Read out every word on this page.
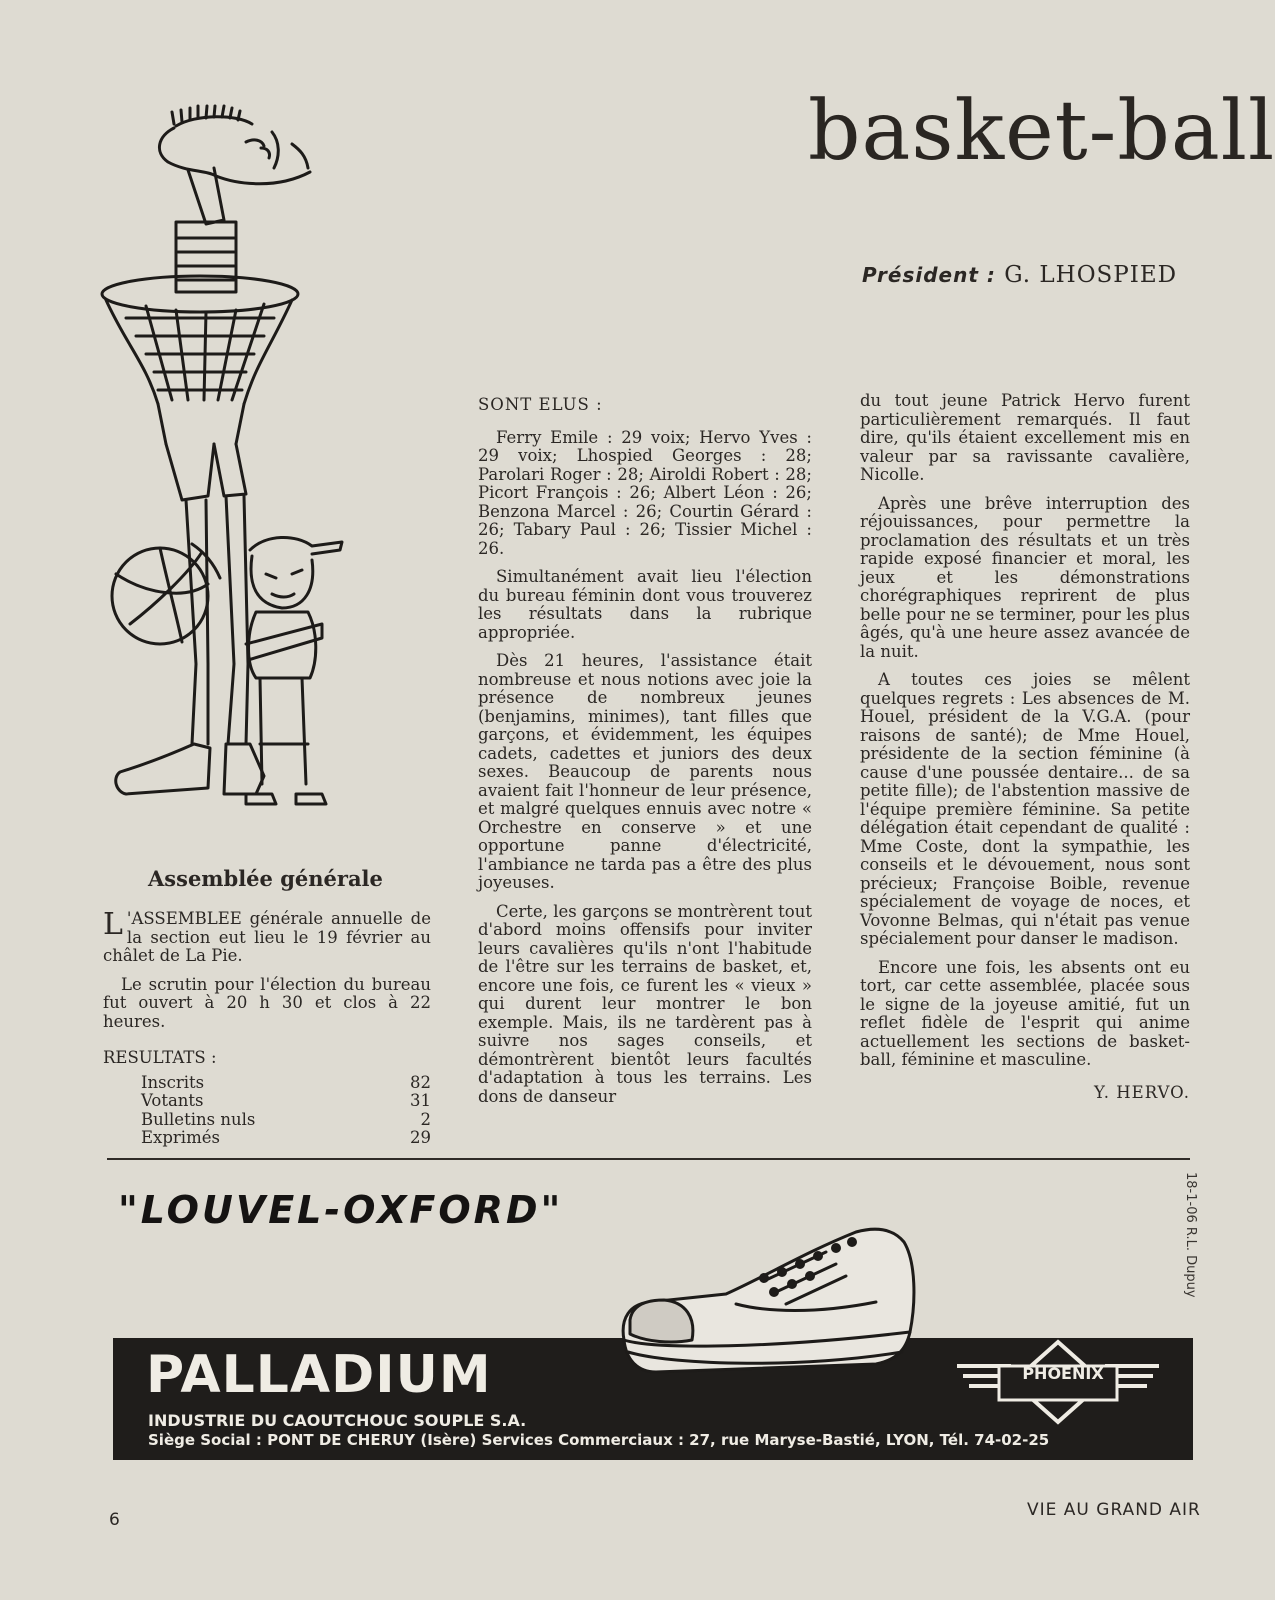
basket-ball
Président : G. LHOSPIED
Assemblée générale

L 'ASSEMBLEE générale annuelle de la section eut lieu le 19 février au châlet de La Pie.

Le scrutin pour l'élection du bureau fut ouvert à 20 h 30 et clos à 22 heures.

RESULTATS :
Inscrits	82
Votants	31
Bulletins nuls	2
Exprimés	29

SONT ELUS :

Ferry Emile : 29 voix; Hervo Yves : 29 voix; Lhospied Georges : 28; Parolari Roger : 28; Airoldi Robert : 28; Picort François : 26; Albert Léon : 26; Benzona Marcel : 26; Courtin Gérard : 26; Tabary Paul : 26; Tissier Michel : 26.

Simultanément avait lieu l'élection du bureau féminin dont vous trouverez les résultats dans la rubrique appropriée.

Dès 21 heures, l'assistance était nombreuse et nous notions avec joie la présence de nombreux jeunes (benjamins, minimes), tant filles que garçons, et évidemment, les équipes cadets, cadettes et juniors des deux sexes. Beaucoup de parents nous avaient fait l'honneur de leur présence, et malgré quelques ennuis avec notre « Orchestre en conserve » et une opportune panne d'électricité, l'ambiance ne tarda pas a être des plus joyeuses.

Certe, les garçons se montrèrent tout d'abord moins offensifs pour inviter leurs cavalières qu'ils n'ont l'habitude de l'être sur les terrains de basket, et, encore une fois, ce furent les « vieux » qui durent leur montrer le bon exemple. Mais, ils ne tardèrent pas à suivre nos sages conseils, et démontrèrent bientôt leurs facultés d'adaptation à tous les terrains. Les dons de danseur

du tout jeune Patrick Hervo furent particulièrement remarqués. Il faut dire, qu'ils étaient excellement mis en valeur par sa ravissante cavalière, Nicolle.

Après une brêve interruption des réjouissances, pour permettre la proclamation des résultats et un très rapide exposé financier et moral, les jeux et les démonstrations chorégraphiques reprirent de plus belle pour ne se terminer, pour les plus âgés, qu'à une heure assez avancée de la nuit.

A toutes ces joies se mêlent quelques regrets : Les absences de M. Houel, président de la V.G.A. (pour raisons de santé); de Mme Houel, présidente de la section féminine (à cause d'une poussée dentaire... de sa petite fille); de l'abstention massive de l'équipe première féminine. Sa petite délégation était cependant de qualité : Mme Coste, dont la sympathie, les conseils et le dévouement, nous sont précieux; Françoise Boible, revenue spécialement de voyage de noces, et Vovonne Belmas, qui n'était pas venue spécialement pour danser le madison.

Encore une fois, les absents ont eu tort, car cette assemblée, placée sous le signe de la joyeuse amitié, fut un reflet fidèle de l'esprit qui anime actuellement les sections de basket-ball, féminine et masculine.

Y. HERVO.
"LOUVEL-OXFORD"	18-1-06 R.L. Dupuy
PALLADIUM
INDUSTRIE DU CAOUTCHOUC SOUPLE S.A.
Siège Social : PONT DE CHERUY (Isère) Services Commerciaux : 27, rue Maryse-Bastié, LYON, Tél. 74-02-25
PHOENIX
6	VIE AU GRAND AIR
